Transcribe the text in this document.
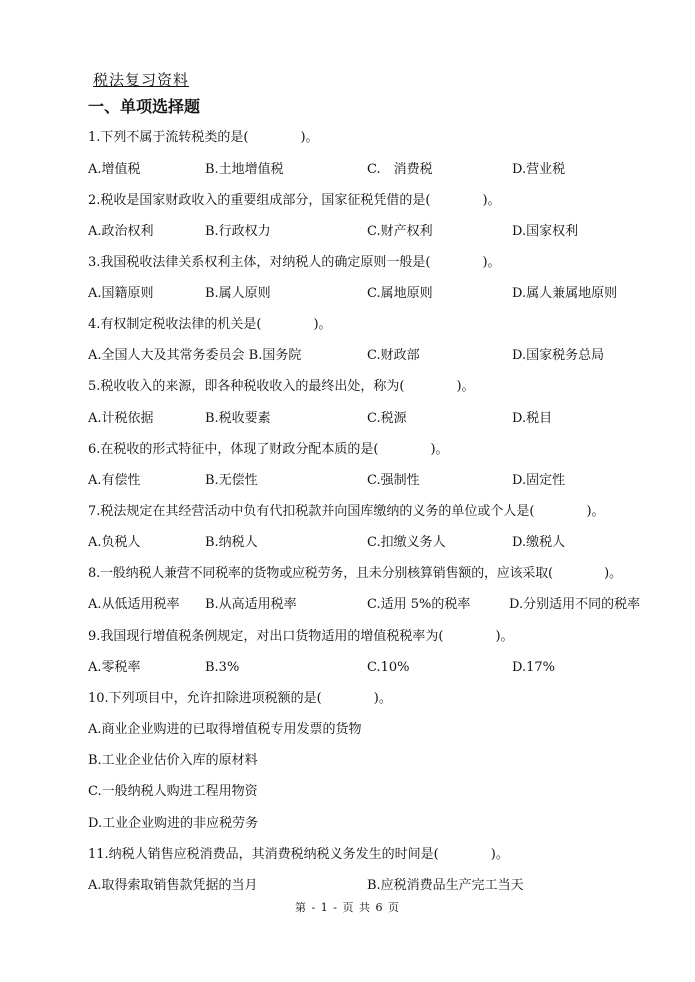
税法复习资料
一、单项选择题
1.下列不属于流转税类的是(　　　　)。
A.增值税	B.土地增值税	C.　消费税	D.营业税
2.税收是国家财政收入的重要组成部分，国家征税凭借的是(　　　　)。
A.政治权利	B.行政权力	C.财产权利	D.国家权利
3.我国税收法律关系权利主体，对纳税人的确定原则一般是(　　　　)。
A.国籍原则	B.属人原则	C.属地原则	D.属人兼属地原则
4.有权制定税收法律的机关是(　　　　)。
A.全国人大及其常务委员会 B.国务院	C.财政部	D.国家税务总局
5.税收收入的来源，即各种税收收入的最终出处，称为(　　　　)。
A.计税依据	B.税收要素	C.税源	D.税目
6.在税收的形式特征中，体现了财政分配本质的是(　　　　)。
A.有偿性	B.无偿性	C.强制性	D.固定性
7.税法规定在其经营活动中负有代扣税款并向国库缴纳的义务的单位或个人是(　　　　)。
A.负税人	B.纳税人	C.扣缴义务人	D.缴税人
8.一般纳税人兼营不同税率的货物或应税劳务，且未分别核算销售额的，应该采取(　　　　)。
A.从低适用税率 B.从高适用税率	C.适用 5%的税率	D.分别适用不同的税率
9.我国现行增值税条例规定，对出口货物适用的增值税税率为(　　　　)。
A.零税率	B.3%	C.10%	D.17%
10.下列项目中，允许扣除进项税额的是(　　　　)。
A.商业企业购进的已取得增值税专用发票的货物
B.工业企业估价入库的原材料
C.一般纳税人购进工程用物资
D.工业企业购进的非应税劳务
11.纳税人销售应税消费品，其消费税纳税义务发生的时间是(　　　　)。
A.取得索取销售款凭据的当月	B.应税消费品生产完工当天
第 - 1 - 页 共 6 页
